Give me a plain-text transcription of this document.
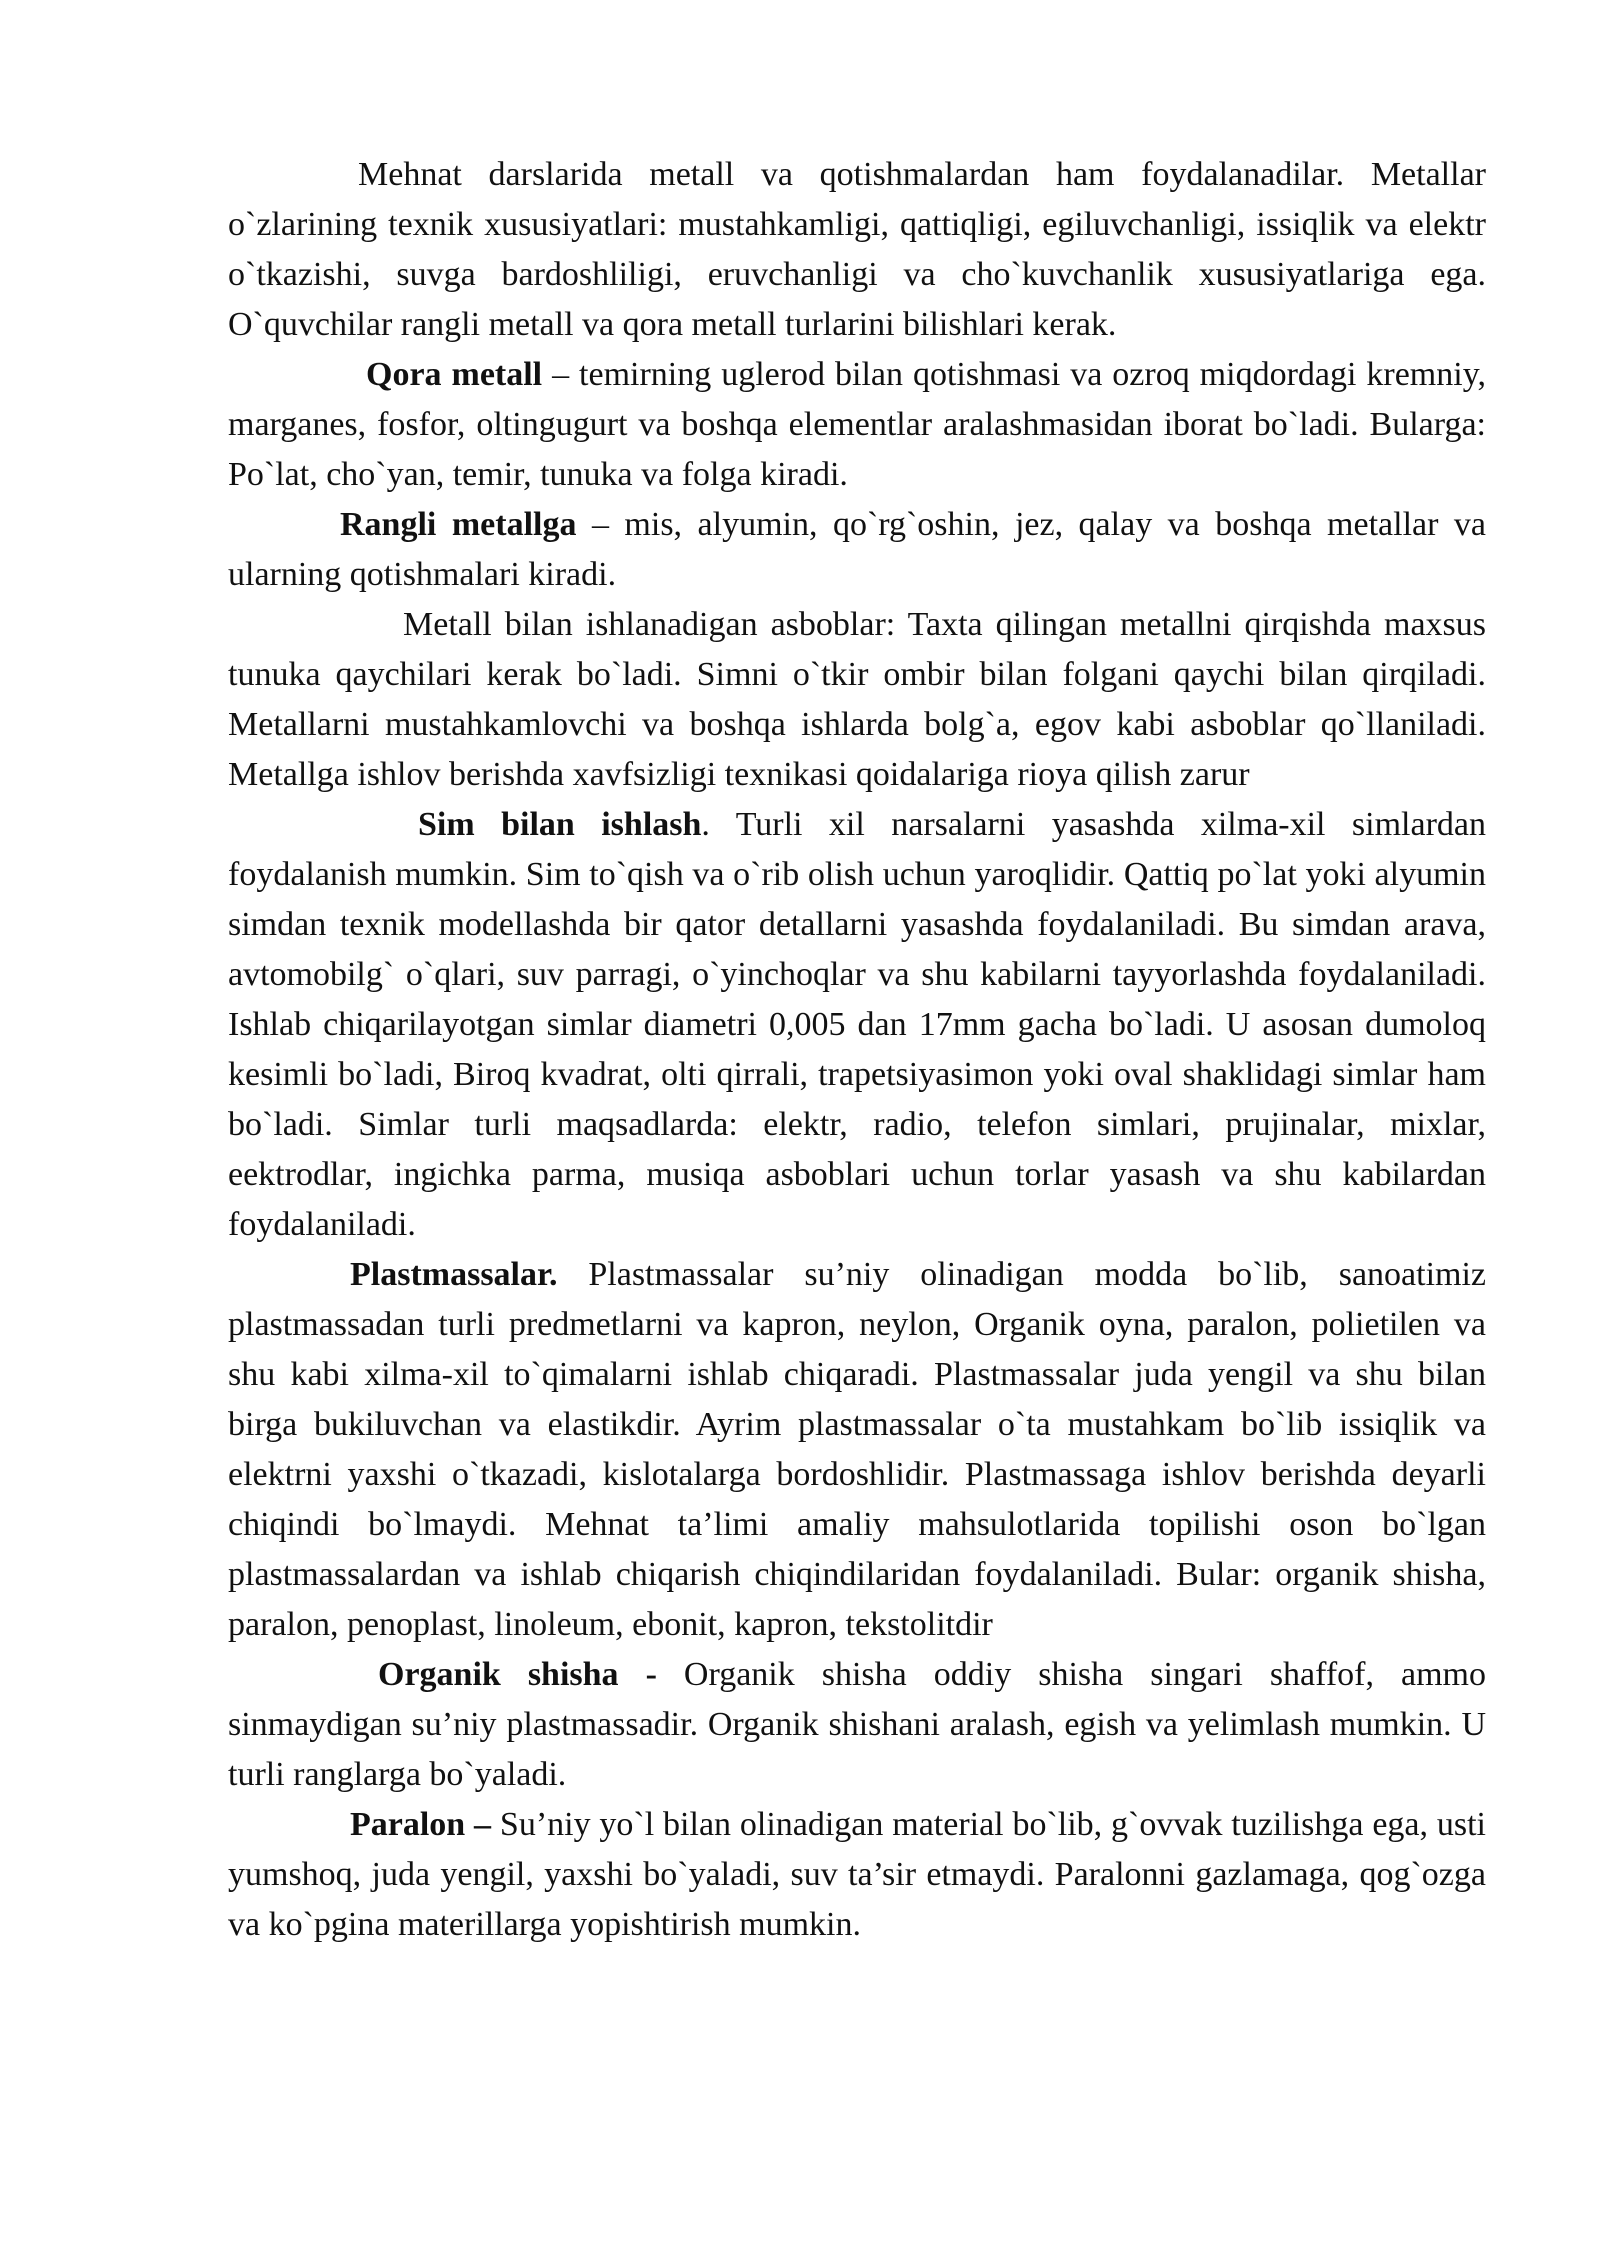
Mehnat darslarida metall va qotishmalardan ham foydalanadilar. Metallar o`zlarining texnik xususiyatlari: mustahkamligi, qattiqligi, egiluvchanligi, issiqlik va elektr o`tkazishi, suvga bardoshliligi, eruvchanligi va cho`kuvchanlik xususiyatlariga ega. O`quvchilar rangli metall va qora metall turlarini bilishlari kerak.

Qora metall – temirning uglerod bilan qotishmasi va ozroq miqdordagi kremniy, marganes, fosfor, oltingugurt va boshqa elementlar aralashmasidan iborat bo`ladi. Bularga: Po`lat, cho`yan, temir, tunuka va folga kiradi.

Rangli metallga – mis, alyumin, qo`rg`oshin, jez, qalay va boshqa metallar va ularning qotishmalari kiradi.

Metall bilan ishlanadigan asboblar: Taxta qilingan metallni qirqishda maxsus tunuka qaychilari kerak bo`ladi. Simni o`tkir ombir bilan folgani qaychi bilan qirqiladi. Metallarni mustahkamlovchi va boshqa ishlarda bolg`a, egov kabi asboblar qo`llaniladi. Metallga ishlov berishda xavfsizligi texnikasi qoidalariga rioya qilish zarur

Sim bilan ishlash. Turli xil narsalarni yasashda xilma-xil simlardan foydalanish mumkin. Sim to`qish va o`rib olish uchun yaroqlidir. Qattiq po`lat yoki alyumin simdan texnik modellashda bir qator detallarni yasashda foydalaniladi. Bu simdan arava, avtomobilg` o`qlari, suv parragi, o`yinchoqlar va shu kabilarni tayyorlashda foydalaniladi. Ishlab chiqarilayotgan simlar diametri 0,005 dan 17mm gacha bo`ladi. U asosan dumoloq kesimli bo`ladi, Biroq kvadrat, olti qirrali, trapetsiyasimon yoki oval shaklidagi simlar ham bo`ladi. Simlar turli maqsadlarda: elektr, radio, telefon simlari, prujinalar, mixlar, eektrodlar, ingichka parma, musiqa asboblari uchun torlar yasash va shu kabilardan foydalaniladi.

Plastmassalar. Plastmassalar su’niy olinadigan modda bo`lib, sanoatimiz plastmassadan turli predmetlarni va kapron, neylon, Organik oyna, paralon, polietilen va shu kabi xilma-xil to`qimalarni ishlab chiqaradi. Plastmassalar juda yengil va shu bilan birga bukiluvchan va elastikdir. Ayrim plastmassalar o`ta mustahkam bo`lib issiqlik va elektrni yaxshi o`tkazadi, kislotalarga bordoshlidir. Plastmassaga ishlov berishda deyarli chiqindi bo`lmaydi. Mehnat ta’limi amaliy mahsulotlarida topilishi oson bo`lgan plastmassalardan va ishlab chiqarish chiqindilaridan foydalaniladi. Bular: organik shisha, paralon, penoplast, linoleum, ebonit, kapron, tekstolitdir

Organik shisha - Organik shisha oddiy shisha singari shaffof, ammo sinmaydigan su’niy plastmassadir. Organik shishani aralash, egish va yelimlash mumkin. U turli ranglarga bo`yaladi.

Paralon – Su’niy yo`l bilan olinadigan material bo`lib, g`ovvak tuzilishga ega, usti yumshoq, juda yengil, yaxshi bo`yaladi, suv ta’sir etmaydi. Paralonni gazlamaga, qog`ozga va ko`pgina materillarga yopishtirish mumkin.
